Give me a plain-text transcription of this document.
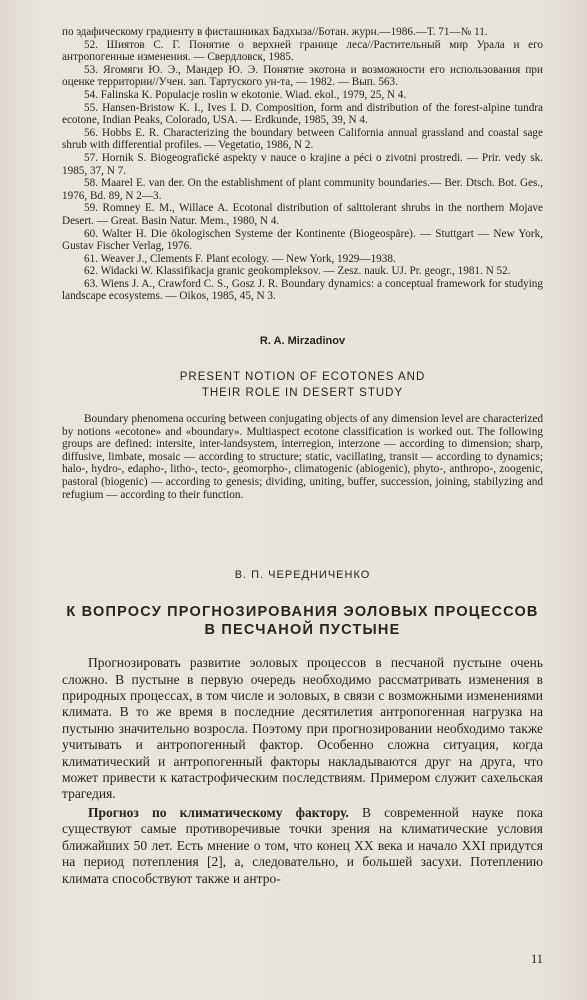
по эдафическому градиенту в фисташниках Бадхыза//Ботан. журн.—1986.—Т. 71—№ 11.

52. Шиятов С. Г. Понятие о верхней границе леса//Растительный мир Урала и его антропогенные изменения. — Свердловск, 1985.

53. Ягомяги Ю. Э., Мандер Ю. Э. Понятие экотона и возможности его использования при оценке территории//Учен. зап. Тартуского ун-та, — 1982. — Вып. 563.

54. Falinska K. Populacje roslin w ekotonie. Wiad. ekol., 1979, 25, N 4.

55. Hansen-Bristow K. I., Ives I. D. Composition, form and distribution of the forest-alpine tundra ecotone, Indian Peaks, Colorado, USA. — Erdkunde, 1985, 39, N 4.

56. Hobbs E. R. Characterizing the boundary between California annual grassland and coastal sage shrub with differential profiles. — Vegetatio, 1986, N 2.

57. Hornik S. Biogeografické aspekty v nauce o krajine a péci o zivotni prostredi. — Prir. vedy sk. 1985, 37, N 7.

58. Maarel E. van der. On the establishment of plant community boundaries.— Ber. Dtsch. Bot. Ges., 1976, Bd. 89, N 2—3.

59. Romney E. M., Willace A. Ecotonal distribution of salttolerant shrubs in the northern Mojave Desert. — Great. Basin Natur. Mem., 1980, N 4.

60. Walter H. Die ökologischen Systeme der Kontinente (Biogeospäre). — Stuttgart — New York, Gustav Fischer Verlag, 1976.

61. Weaver J., Clements F. Plant ecology. — New York, 1929—1938.

62. Widacki W. Klassifikacja granic geokompleksov. — Zesz. nauk. UJ. Pr. geogr., 1981. N 52.

63. Wiens J. A., Crawford C. S., Gosz J. R. Boundary dynamics: a conceptual framework for studying landscape ecosystems. — Oikos, 1985, 45, N 3.

R. A. Mirzadinov
PRESENT NOTION OF ECOTONES AND
THEIR ROLE IN DESERT STUDY

Boundary phenomena occuring between conjugating objects of any dimension level are characterized by notions «ecotone» and «boundary». Multiaspect ecotone classification is worked out. The following groups are defined: intersite, inter-landsystem, interregion, interzone — according to dimension; sharp, diffusive, limbate, mosaic — according to structure; static, vacillating, transit — according to dynamics; halo-, hydro-, edapho-, litho-, tecto-, geomorpho-, climatogenic (abiogenic), phyto-, anthropo-, zoogenic, pastoral (biogenic) — according to genesis; dividing, uniting, buffer, succession, joining, stabilyzing and refugium — according to their function.

В. П. ЧЕРЕДНИЧЕНКО
К ВОПРОСУ ПРОГНОЗИРОВАНИЯ ЭОЛОВЫХ ПРОЦЕССОВ
В ПЕСЧАНОЙ ПУСТЫНЕ

Прогнозировать развитие эоловых процессов в песчаной пустыне очень сложно. В пустыне в первую очередь необходимо рассматривать изменения в природных процессах, в том числе и эоловых, в связи с возможными изменениями климата. В то же время в последние десятилетия антропогенная нагрузка на пустыню значительно возросла. Поэтому при прогнозировании необходимо также учитывать и антропогенный фактор. Особенно сложна ситуация, когда климатический и антропогенный факторы накладываются друг на друга, что может привести к катастрофическим последствиям. Примером служит сахельская трагедия.

Прогноз по климатическому фактору. В современной науке пока существуют самые противоречивые точки зрения на климатические условия ближайших 50 лет. Есть мнение о том, что конец XX века и начало XXI придутся на период потепления [2], а, следовательно, и большей засухи. Потеплению климата способствуют также и антро-

11
